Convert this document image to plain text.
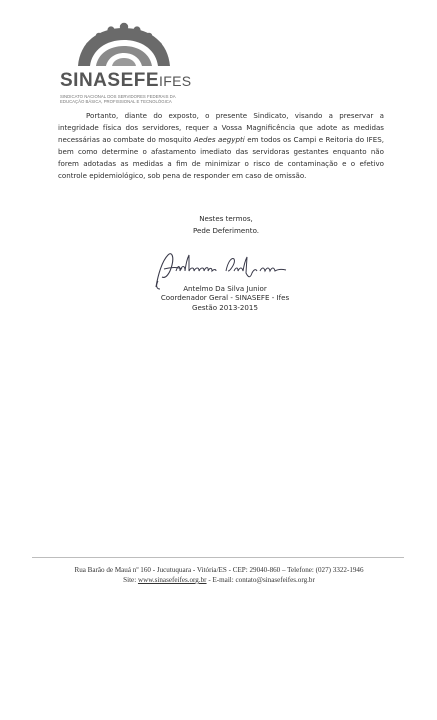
SINASEFEIFES
SINDICATO NACIONAL DOS SERVIDORES FEDERAIS DA
EDUCAÇÃO BÁSICA, PROFISSIONAL E TECNOLÓGICA

Portanto, diante do exposto, o presente Sindicato, visando a preservar a integridade física dos servidores, requer a Vossa Magnificência que adote as medidas necessárias ao combate do mosquito Aedes aegypti em todos os Campi e Reitoria do IFES, bem como determine o afastamento imediato das servidoras gestantes enquanto não forem adotadas as medidas a fim de minimizar o risco de contaminação e o efetivo controle epidemiológico, sob pena de responder em caso de omissão.

Nestes termos,
Pede Deferimento.
Antelmo Da Silva Junior
Coordenador Geral - SINASEFE - Ifes
Gestão 2013-2015
Rua Barão de Mauá nº 160 - Jucutuquara - Vitória/ES - CEP: 29040-860 – Telefone: (027) 3322-1946
Site: www.sinasefeifes.org.br - E-mail: contato@sinasefeifes.org.br
